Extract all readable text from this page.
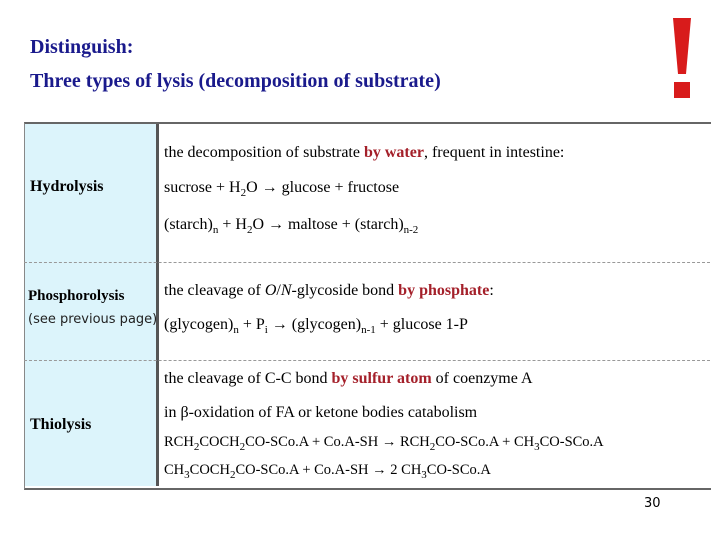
Distinguish:
Three types of lysis (decomposition of substrate)
Hydrolysis
the decomposition of substrate by water, frequent in intestine:
sucrose + $H_2O \to glucose$ + fructose
$(starch)_n + H_2O$ → maltose + $(starch)_{n-2}$
Phosphorolysis
(see previous page)
the cleavage of O/N-glycoside bond by phosphate:
$(glycogen)_n + P_i$ → $(glycogen)_{n-1} + glucose$ 1-P
Thiolysis
the cleavage of C-C bond by sulfur atom of coenzyme A
in β-oxidation of FA or ketone bodies catabolism
$RCH_2COCH_2CO-SCo.A + Co.A-SH \to RCH_2CO-SCo.A + CH_3CO-SCo.A$
$CH_3COCH_2CO-SCo.A + Co.A-SH \to 2$ $CH_3CO-SCo.A$
30
